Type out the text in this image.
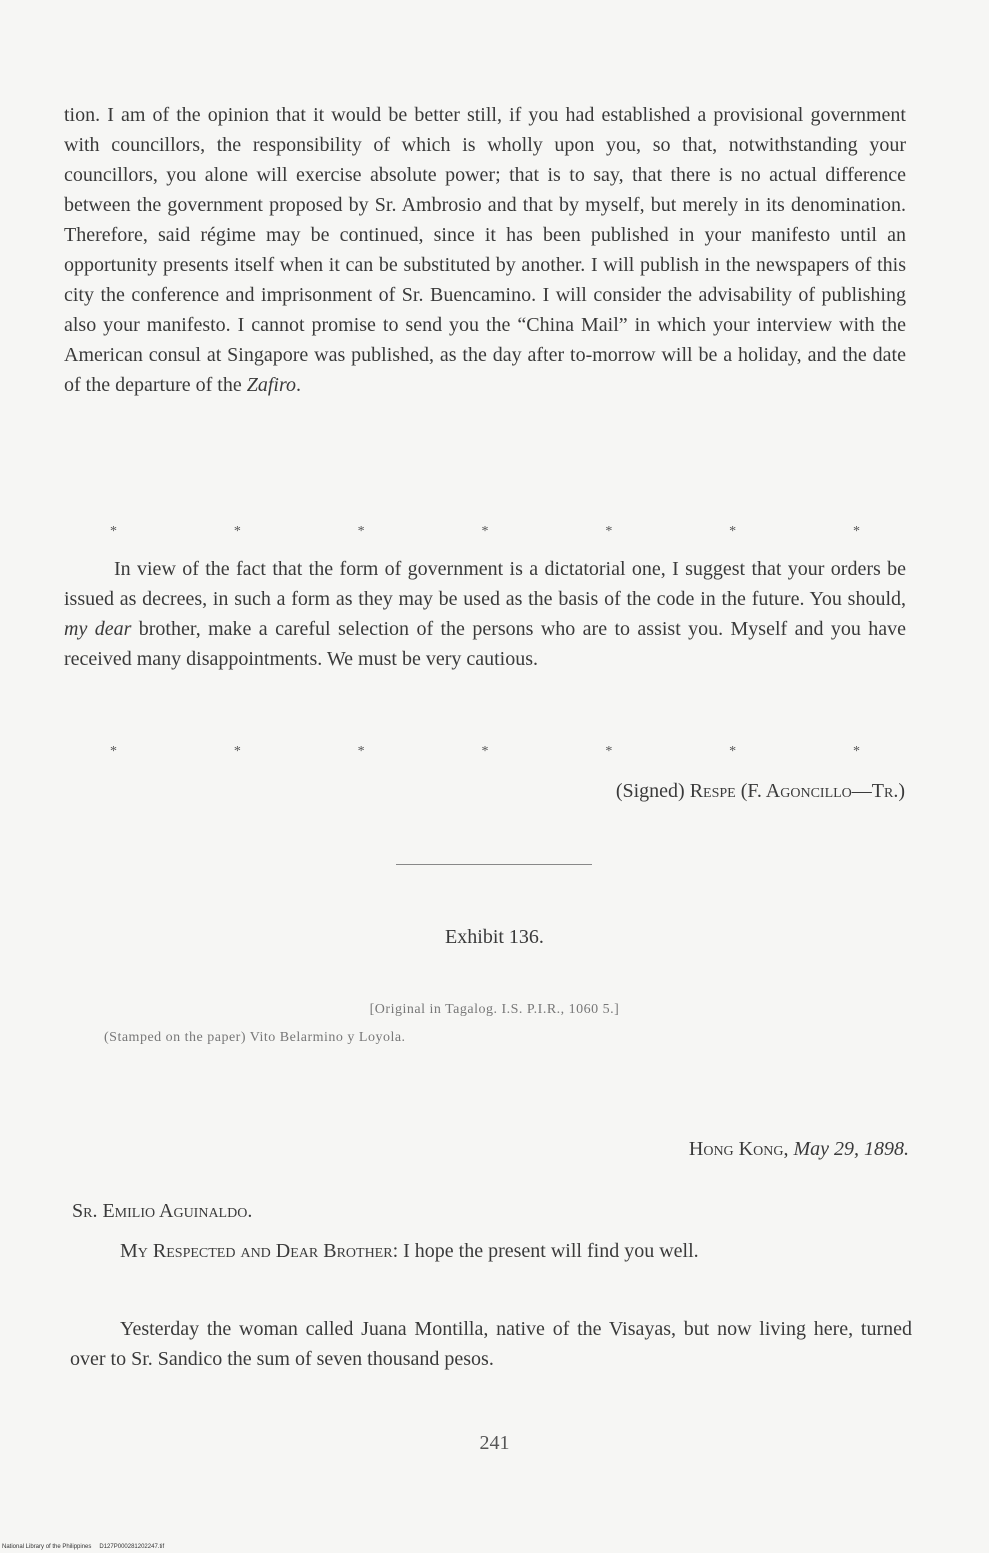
tion. I am of the opinion that it would be better still, if you had established a provisional government with councillors, the responsibility of which is wholly upon you, so that, notwithstanding your councillors, you alone will exercise absolute power; that is to say, that there is no actual difference between the government proposed by Sr. Ambrosio and that by myself, but merely in its denomination. Therefore, said régime may be continued, since it has been published in your manifesto until an opportunity presents itself when it can be substituted by another. I will publish in the newspapers of this city the conference and imprisonment of Sr. Buencamino. I will consider the advisability of publishing also your manifesto. I cannot promise to send you the “China Mail” in which your interview with the American consul at Singapore was published, as the day after to-morrow will be a holiday, and the date of the departure of the Zafiro.

*	*	*	*	*	*	*

In view of the fact that the form of government is a dictatorial one, I suggest that your orders be issued as decrees, in such a form as they may be used as the basis of the code in the future. You should, my dear brother, make a careful selection of the persons who are to assist you. Myself and you have received many disappointments. We must be very cautious.

*	*	*	*	*	*	*
(Signed) Respe (F. Agoncillo—Tr.)
Exhibit 136.
[Original in Tagalog. I.S. P.I.R., 1060 5.]
(Stamped on the paper) Vito Belarmino y Loyola.
Hong Kong, May 29, 1898.
Sr. Emilio Aguinaldo.

My Respected and Dear Brother: I hope the present will find you well.

Yesterday the woman called Juana Montilla, native of the Visayas, but now living here, turned over to Sr. Sandico the sum of seven thousand pesos.

241
National Library of the Philippines D127P000281202247.tif
